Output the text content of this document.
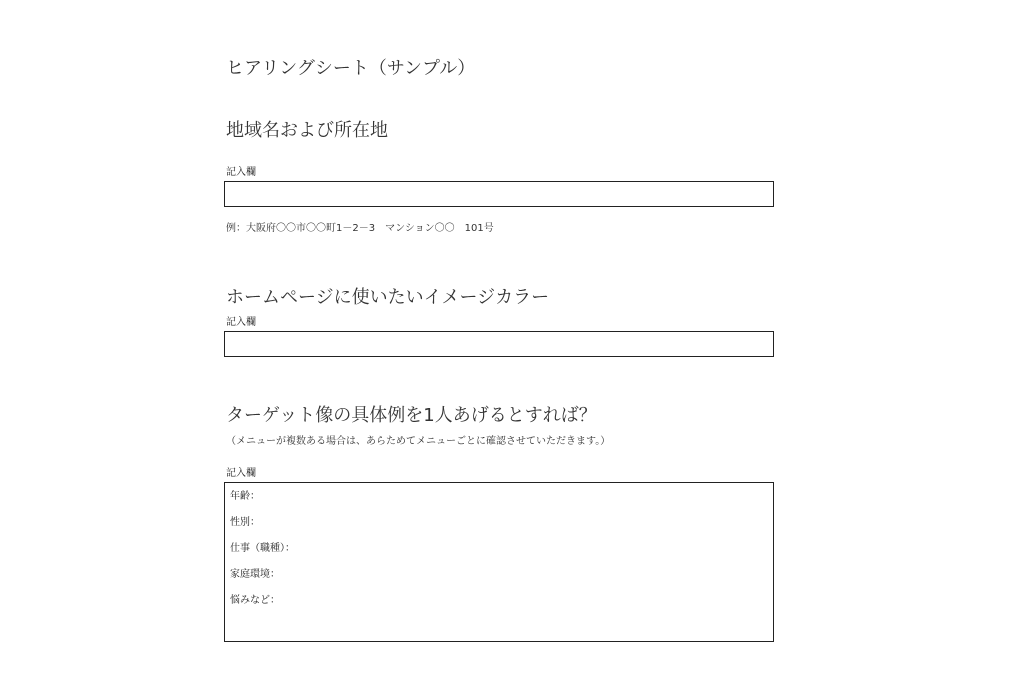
ヒアリングシート（サンプル）
地域名および所在地
記入欄
例：大阪府〇〇市〇〇町1－2－3　マンション〇〇　101号
ホームページに使いたいイメージカラー
記入欄
ターゲット像の具体例を1人あげるとすれば？
（メニューが複数ある場合は、あらためてメニューごとに確認させていただきます。）
記入欄
年齢：
性別：
仕事（職種）：
家庭環境：
悩みなど：
